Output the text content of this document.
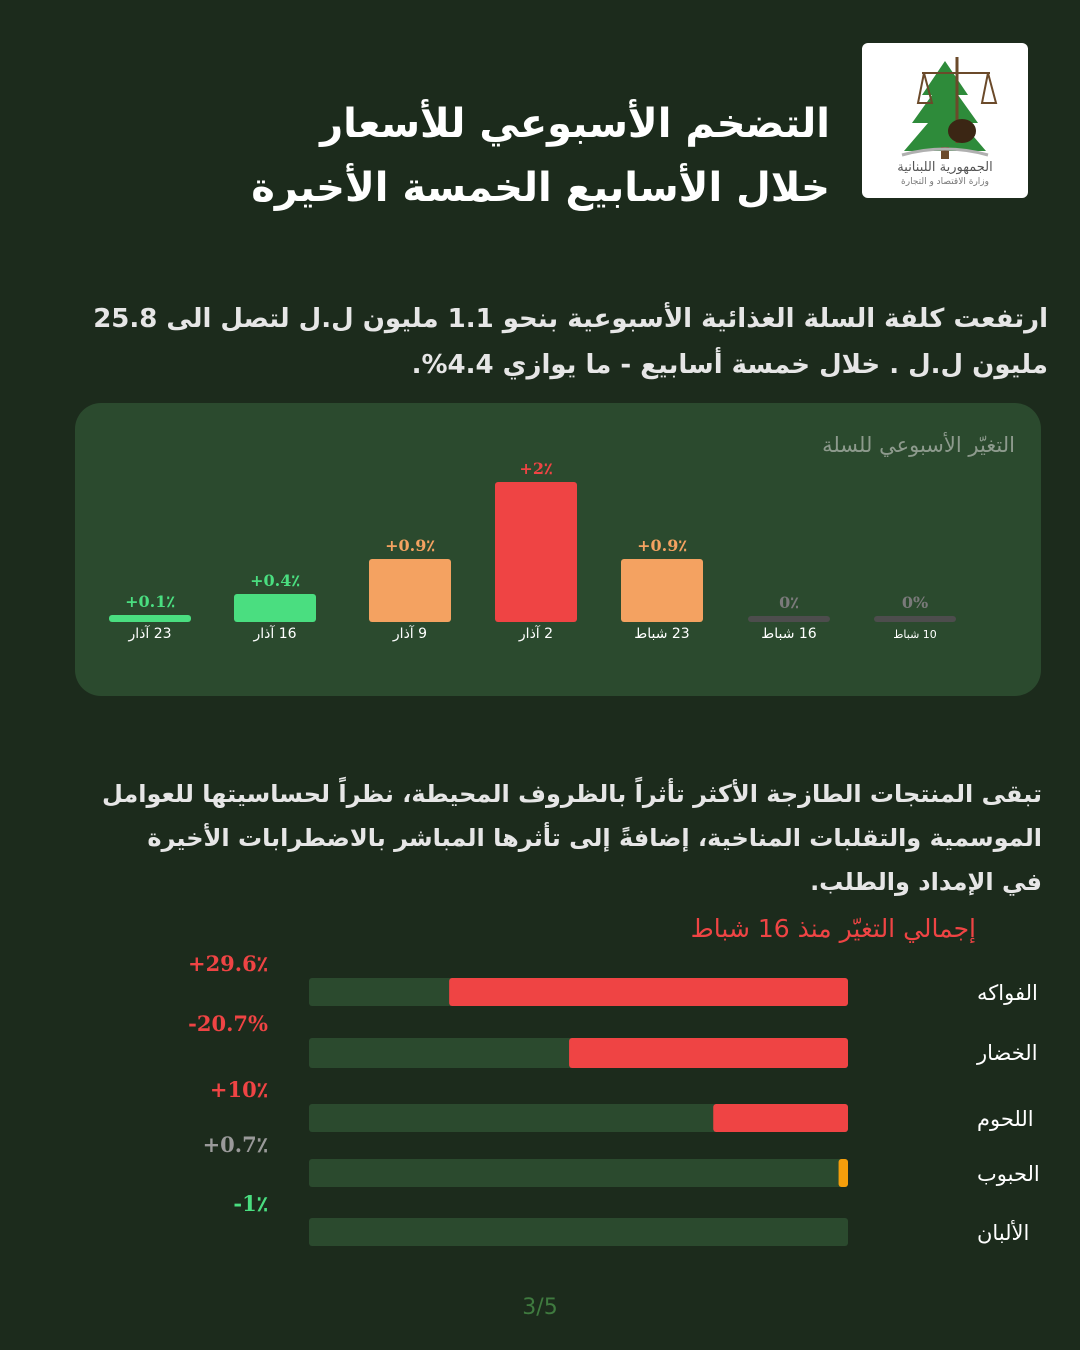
الجمهورية اللبنانية
وزارة الاقتصاد و التجارة
التضخم الأسبوعي للأسعار
خلال الأسابيع الخمسة الأخيرة

ارتفعت كلفة السلة الغذائية الأسبوعية بنحو 1.1 مليون ل.ل لتصل الى 25.8 مليون ل.ل . خلال خمسة أسابيع - ما يوازي 4.4%.

التغيّر الأسبوعي للسلة
0%
10 شباط
0٪
16 شباط
+0.9٪
23 شباط
+2٪
2 آذار
+0.9٪
9 آذار
+0.4٪
16 آذار
+0.1٪
23 آذار

تبقى المنتجات الطازجة الأكثر تأثراً بالظروف المحيطة، نظراً لحساسيتها للعوامل الموسمية والتقلبات المناخية، إضافةً إلى تأثرها المباشر بالاضطرابات الأخيرة في الإمداد والطلب.

إجمالي التغيّر منذ 16 شباط
+29.6٪
الفواكه
-20.7%
الخضار
+10٪
اللحوم
+0.7٪
الحبوب
-1٪
الألبان
3/5
